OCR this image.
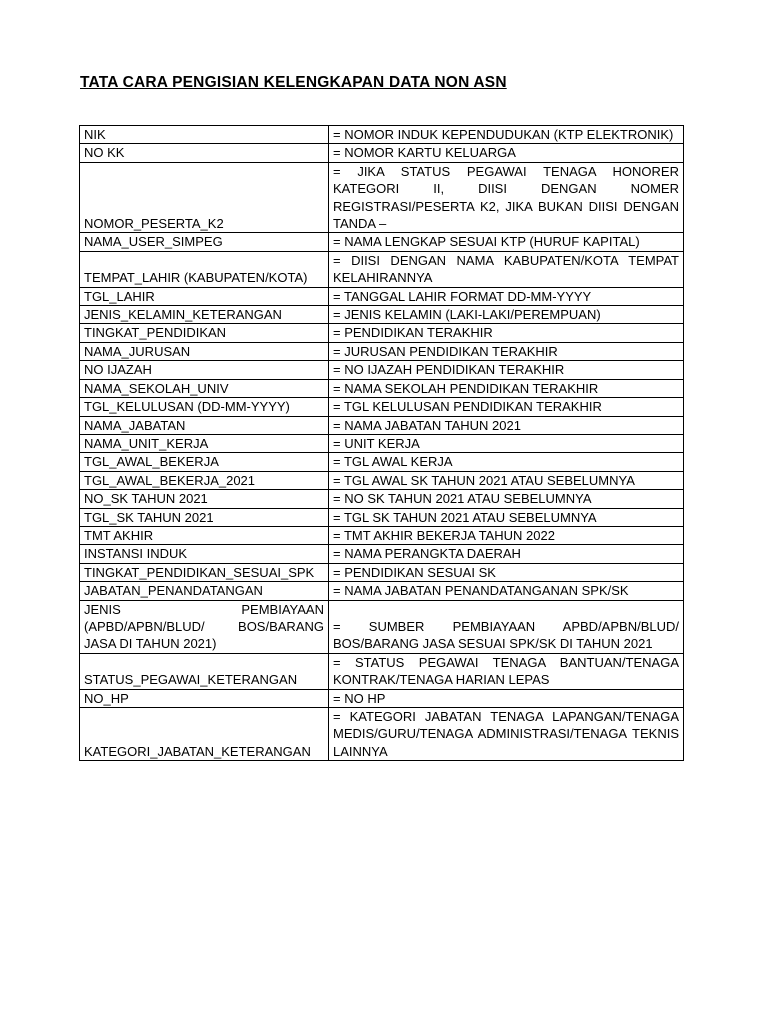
TATA CARA PENGISIAN KELENGKAPAN DATA NON ASN
NIK	= NOMOR INDUK KEPENDUDUKAN (KTP ELEKTRONIK)
NO KK	= NOMOR KARTU KELUARGA
NOMOR_PESERTA_K2	= JIKA STATUS PEGAWAI TENAGA HONORER KATEGORI II, DIISI DENGAN NOMER REGISTRASI/PESERTA K2, JIKA BUKAN DIISI DENGAN TANDA –
NAMA_USER_SIMPEG	= NAMA LENGKAP SESUAI KTP (HURUF KAPITAL)
TEMPAT_LAHIR (KABUPATEN/KOTA)	= DIISI DENGAN NAMA KABUPATEN/KOTA TEMPAT KELAHIRANNYA
TGL_LAHIR	= TANGGAL LAHIR FORMAT DD-MM-YYYY
JENIS_KELAMIN_KETERANGAN	= JENIS KELAMIN (LAKI-LAKI/PEREMPUAN)
TINGKAT_PENDIDIKAN	= PENDIDIKAN TERAKHIR
NAMA_JURUSAN	= JURUSAN PENDIDIKAN TERAKHIR
NO IJAZAH	= NO IJAZAH PENDIDIKAN TERAKHIR
NAMA_SEKOLAH_UNIV	= NAMA SEKOLAH PENDIDIKAN TERAKHIR
TGL_KELULUSAN (DD-MM-YYYY)	= TGL KELULUSAN PENDIDIKAN TERAKHIR
NAMA_JABATAN	= NAMA JABATAN TAHUN 2021
NAMA_UNIT_KERJA	= UNIT KERJA
TGL_AWAL_BEKERJA	= TGL AWAL KERJA
TGL_AWAL_BEKERJA_2021	= TGL AWAL SK TAHUN 2021 ATAU SEBELUMNYA
NO_SK TAHUN 2021	= NO SK TAHUN 2021 ATAU SEBELUMNYA
TGL_SK TAHUN 2021	= TGL SK TAHUN 2021 ATAU SEBELUMNYA
TMT AKHIR	= TMT AKHIR BEKERJA TAHUN 2022
INSTANSI INDUK	= NAMA PERANGKTA DAERAH
TINGKAT_PENDIDIKAN_SESUAI_SPK	= PENDIDIKAN SESUAI SK
JABATAN_PENANDATANGAN	= NAMA JABATAN PENANDATANGANAN SPK/SK
JENIS PEMBIAYAAN (APBD/APBN/BLUD/ BOS/BARANG JASA DI TAHUN 2021)	= SUMBER PEMBIAYAAN APBD/APBN/BLUD/ BOS/BARANG JASA SESUAI SPK/SK DI TAHUN 2021
STATUS_PEGAWAI_KETERANGAN	= STATUS PEGAWAI TENAGA BANTUAN/TENAGA KONTRAK/TENAGA HARIAN LEPAS
NO_HP	= NO HP
KATEGORI_JABATAN_KETERANGAN	= KATEGORI JABATAN TENAGA LAPANGAN/TENAGA MEDIS/GURU/TENAGA ADMINISTRASI/TENAGA TEKNIS LAINNYA
